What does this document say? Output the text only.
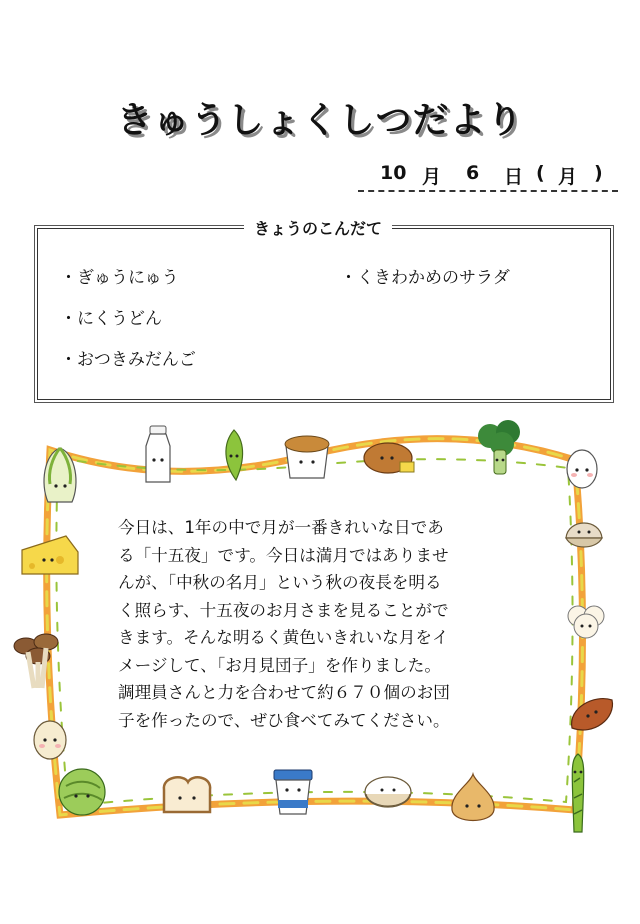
きゅうしょくしつだより
10 月 6 日 ( 月 )
きょうのこんだて
・ぎゅうにゅう
・にくうどん
・おつきみだんご
・くきわかめのサラダ
今日は、1年の中で月が一番きれいな日であ
る「十五夜」です。今日は満月ではありませ
んが、「中秋の名月」という秋の夜長を明る
く照らす、十五夜のお月さまを見ることがで
きます。そんな明るく黄色いきれいな月をイ
メージして、「お月見団子」を作りました。
調理員さんと力を合わせて約６７０個のお団
子を作ったので、ぜひ食べてみてください。
